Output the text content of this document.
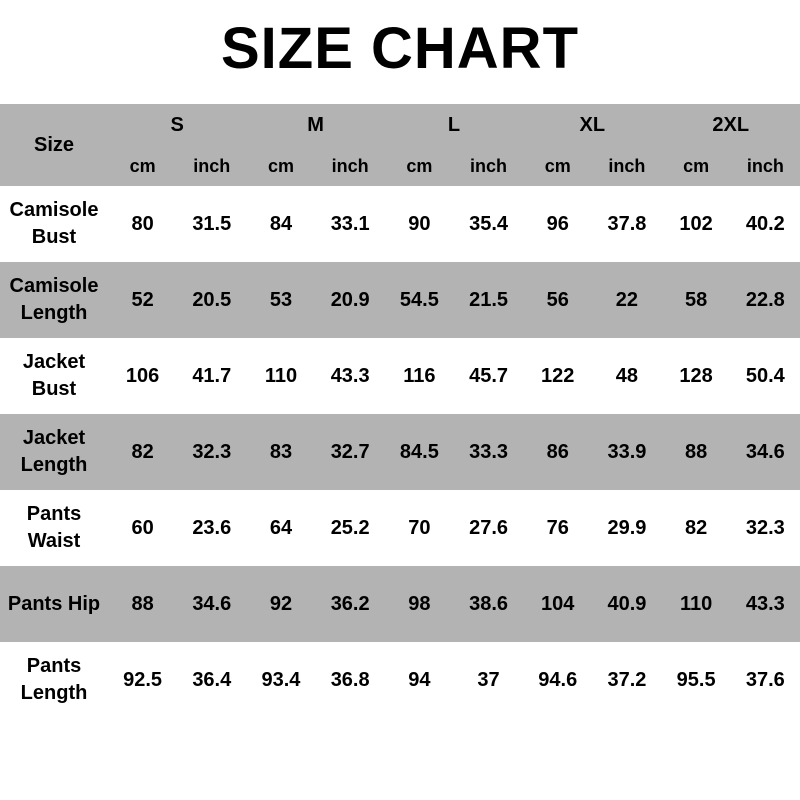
SIZE CHART
Size	S		M		L		XL		2XL	
	cm	inch	cm	inch	cm	inch	cm	inch	cm	inch

Camisole
Bust	80	31.5	84	33.1	90	35.4	96	37.8	102	40.2

Camisole
Length	52	20.5	53	20.9	54.5	21.5	56	22	58	22.8

Jacket
Bust	106	41.7	110	43.3	116	45.7	122	48	128	50.4

Jacket
Length	82	32.3	83	32.7	84.5	33.3	86	33.9	88	34.6

Pants
Waist	60	23.6	64	25.2	70	27.6	76	29.9	82	32.3

Pants Hip	88	34.6	92	36.2	98	38.6	104	40.9	110	43.3

Pants
Length	92.5	36.4	93.4	36.8	94	37	94.6	37.2	95.5	37.6
